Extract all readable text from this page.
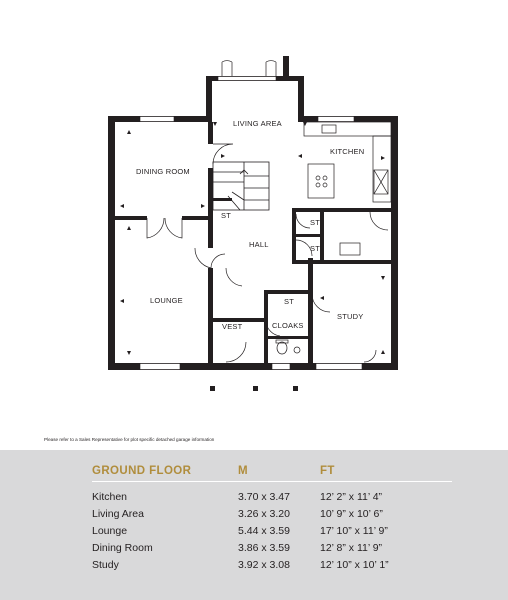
LIVING AREA
KITCHEN
DINING ROOM
ST
ST
ST
HALL
LOUNGE
STUDY
ST
VEST	CLOAKS
Please refer to a Sales Representative for plot specific detached garage information
GROUND FLOOR	M	FT
Kitchen	3.70 x 3.47	12’ 2” x 11’ 4”
Living Area	3.26 x 3.20	10’ 9” x 10’ 6”
Lounge	5.44 x 3.59	17’ 10” x 11’ 9”
Dining Room	3.86 x 3.59	12’ 8” x 11’ 9”
Study	3.92 x 3.08	12’ 10” x 10’ 1”
